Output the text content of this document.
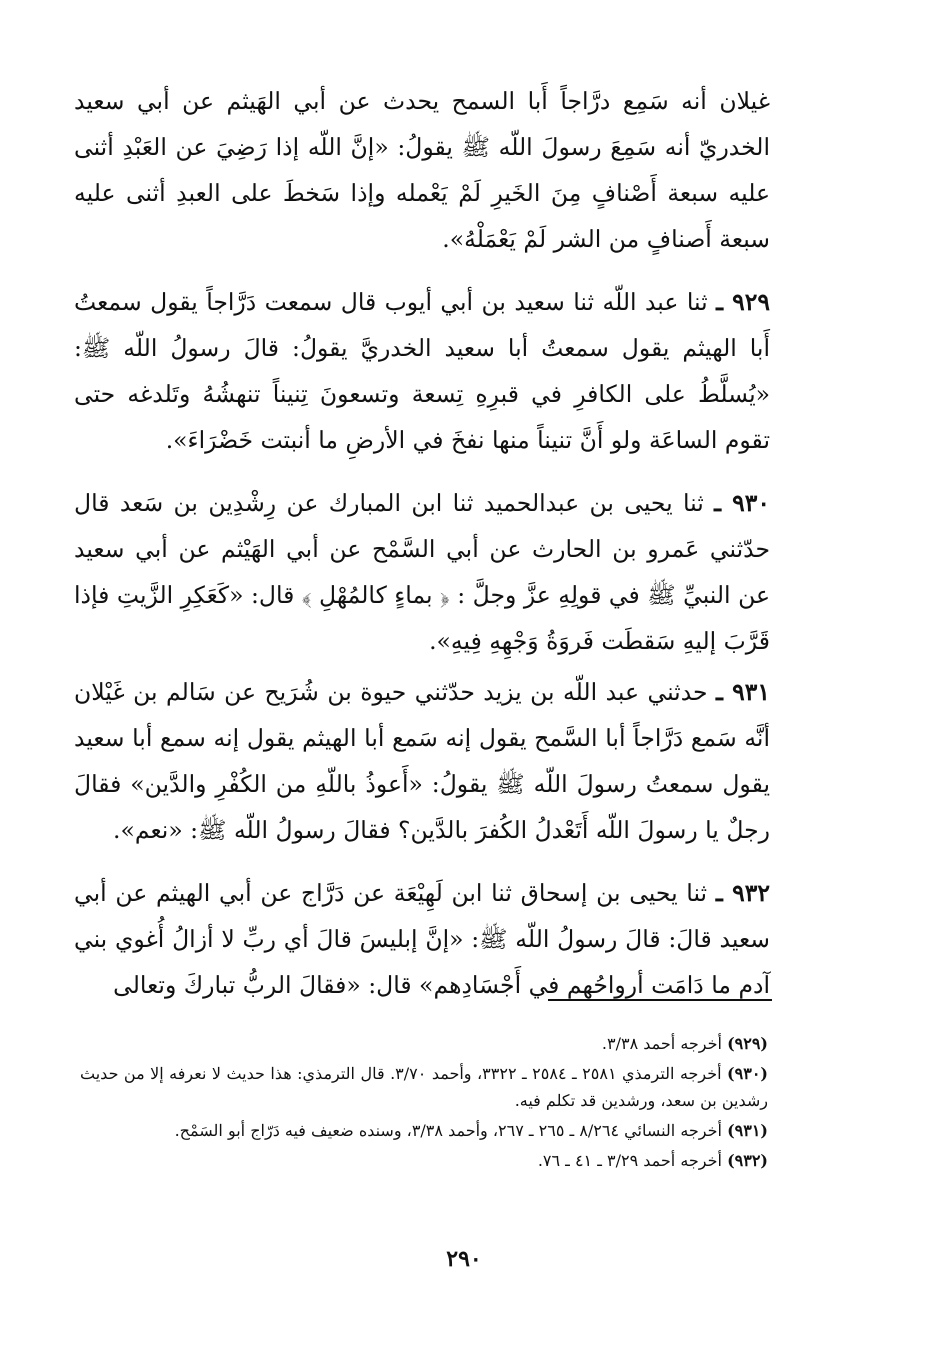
غيلان أنه سَمِع درَّاجاً أَبا السمح يحدث عن أبي الهَيثم عن أبي سعيد الخدريّ أنه سَمِعَ رسولَ اللّه ﷺ يقولُ: «إنَّ اللّه إذا رَضِيَ عن العَبْدِ أثنى عليه سبعة أَصْنافٍ مِنَ الخَيرِ لَمْ يَعْمله وإذا سَخطَ على العبدِ أثنى عليه سبعة أَصنافٍ من الشر لَمْ يَعْمَلْهُ».

٩٢٩ ـ ثنا عبد اللّه ثنا سعيد بن أبي أيوب قال سمعت دَرَّاجاً يقول سمعتُ أَبا الهيثم يقول سمعتُ أبا سعيد الخدريَّ يقولُ: قالَ رسولُ اللّه ﷺ: «يُسلَّطُ على الكافرِ في قبرِهِ تِسعة وتسعونَ تِنيناً تنهشُهُ وتَلدغه حتى تقوم الساعَة ولو أَنَّ تنيناً منها نفخَ في الأرضِ ما أنبتت خَضْرَاءَ».

٩٣٠ ـ ثنا يحيى بن عبدالحميد ثنا ابن المبارك عن رِشْدِين بن سَعد قال حدّثني عَمرو بن الحارث عن أبي السَّمْح عن أبي الهَيْثم عن أبي سعيد عن النبيِّ ﷺ في قولِهِ عزَّ وجلَّ : ﴿ بماءٍ كالمُهْلِ ﴾ قال: «كَعَكِرِ الزَّيتِ فإذا قَرَّبَ إليهِ سَقطَت فَروَةُ وَجْهِهِ فِيهِ».

٩٣١ ـ حدثني عبد اللّه بن يزيد حدّثني حيوة بن شُرَيح عن سَالم بن غَيْلان أنَّه سَمع دَرَّاجاً أبا السَّمح يقول إنه سَمع أبا الهيثم يقول إنه سمع أبا سعيد يقول سمعتُ رسولَ اللّه ﷺ يقولُ: «أَعوذُ باللّهِ من الكُفْرِ والدَّين» فقالَ رجلٌ يا رسولَ اللّه أَتَعْدلُ الكُفرَ بالدَّين؟ فقالَ رسولُ اللّه ﷺ: «نعم».

٩٣٢ ـ ثنا يحيى بن إسحاق ثنا ابن لَهِيْعَة عن دَرَّاج عن أبي الهيثم عن أبي سعيد قالَ: قالَ رسولُ اللّه ﷺ: «إنَّ إبليسَ قالَ أي ربِّ لا أزالُ أُغوي بني آدم ما دَامَت أرواحُهم في أَجْسَادِهم» قال: «فقالَ الربُّ تباركَ وتعالى

(٩٢٩) أخرجه أحمد ٣/٣٨.

(٩٣٠) أخرجه الترمذي ٢٥٨١ ـ ٢٥٨٤ ـ ٣٣٢٢، وأحمد ٣/٧٠. قال الترمذي: هذا حديث لا نعرفه إلا من حديث رشدين بن سعد، ورشدين قد تكلم فيه.

(٩٣١) أخرجه النسائي ٨/٢٦٤ ـ ٢٦٥ ـ ٢٦٧، وأحمد ٣/٣٨، وسنده ضعيف فيه دَرّاج أبو السَمْح.

(٩٣٢) أخرجه أحمد ٣/٢٩ ـ ٤١ ـ ٧٦.

٢٩٠
